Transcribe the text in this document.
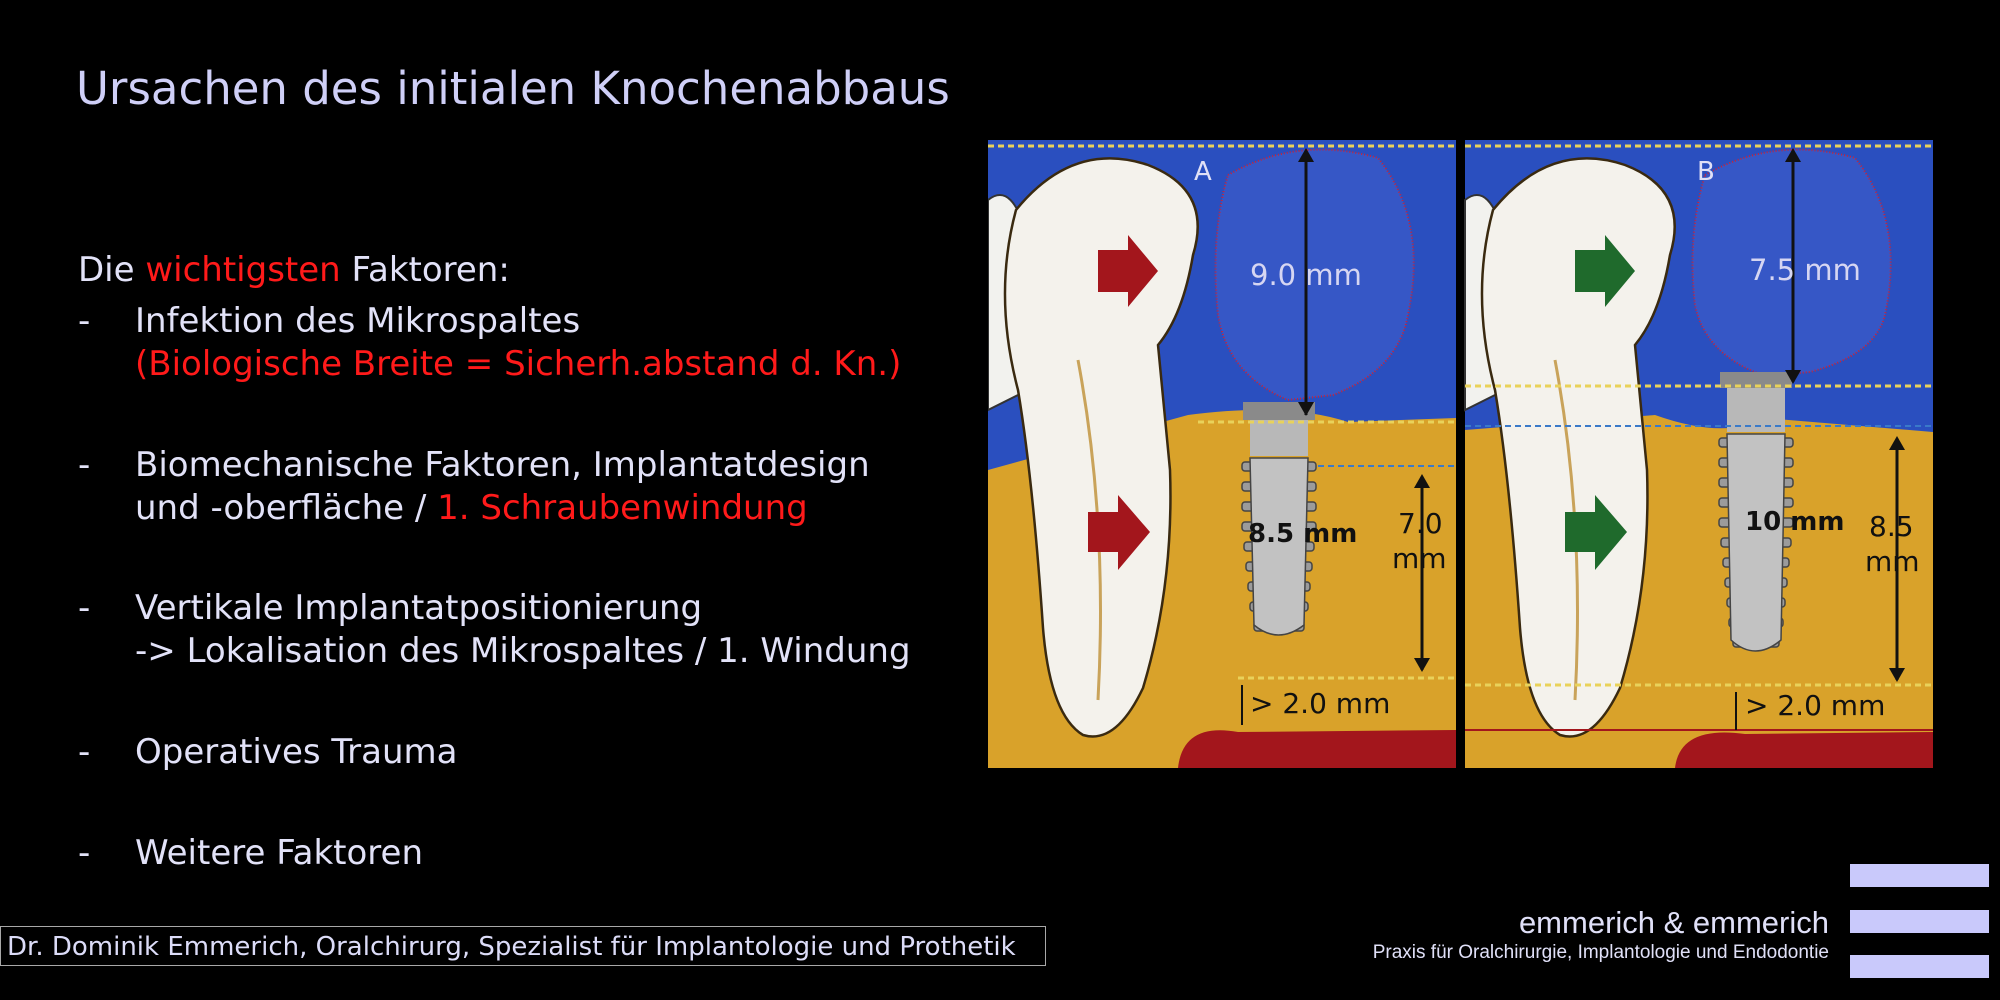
Ursachen des initialen Knochenabbaus
Die wichtigsten Faktoren:
- Infektion des Mikrospaltes
(Biologische Breite = Sicherh.abstand d. Kn.)
- Biomechanische Faktoren, Implantatdesign
und -oberfläche / 1. Schraubenwindung
- Vertikale Implantatpositionierung
-> Lokalisation des Mikrospaltes / 1. Windung
- Operatives Trauma
- Weitere Faktoren
A
9.0 mm
8.5 mm 7.0
mm
> 2.0 mm
B
7.5 mm
10 mm 8.5
mm
> 2.0 mm
Dr. Dominik Emmerich, Oralchirurg, Spezialist für Implantologie und Prothetik
emmerich & emmerich
Praxis für Oralchirurgie, Implantologie und Endodontie
